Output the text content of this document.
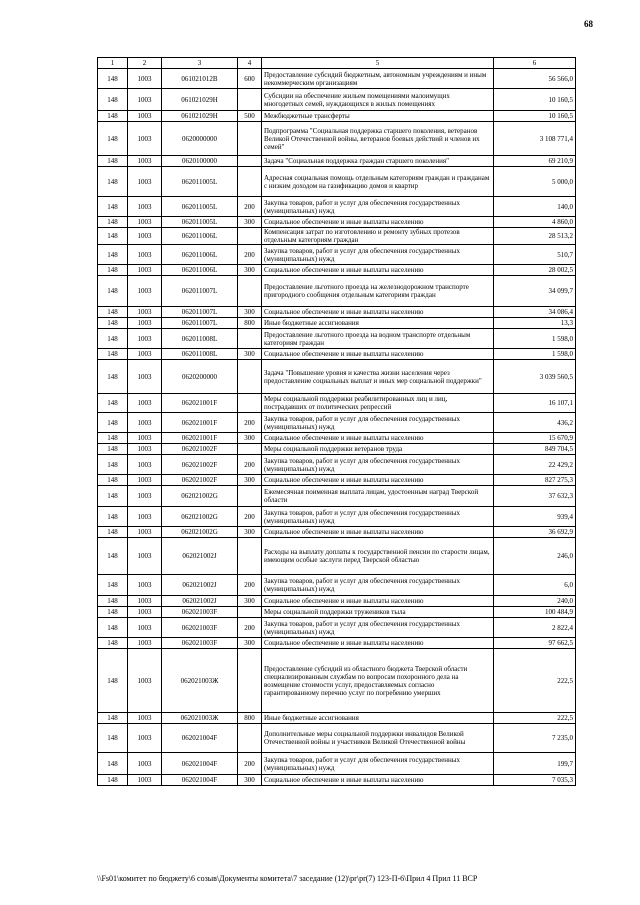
68
1	2	3	4	5	6
148	1003	061021012В	600	Предоставление субсидий бюджетным, автономным учреждениям и иным некоммерческим организациям	56 566,0
148	1003	061021029Н		Субсидии на обеспечение жильем помещениями малоимущих многодетных семей, нуждающихся в жилых помещениях	10 160,5
148	1003	061021029Н	500	Межбюджетные трансферты	10 160,5
148	1003	0620000000		Подпрограмма "Социальная поддержка старшего поколения, ветеранов Великой Отечественной войны, ветеранов боевых действий и членов их семей"	3 108 771,4
148	1003	0620100000		Задача "Социальная поддержка граждан старшего поколения"	69 210,9
148	1003	062011005L		Адресная социальная помощь отдельным категориям граждан и гражданам с низким доходом на газификацию домов и квартир	5 000,0
148	1003	062011005L	200	Закупка товаров, работ и услуг для обеспечения государственных (муниципальных) нужд	140,0
148	1003	062011005L	300	Социальное обеспечение и иные выплаты населению	4 860,0
148	1003	062011006L		Компенсация затрат по изготовлению и ремонту зубных протезов отдельным категориям граждан	28 513,2
148	1003	062011006L	200	Закупка товаров, работ и услуг для обеспечения государственных (муниципальных) нужд	510,7
148	1003	062011006L	300	Социальное обеспечение и иные выплаты населению	28 002,5
148	1003	062011007L		Предоставление льготного проезда на железнодорожном транспорте пригородного сообщения отдельным категориям граждан	34 099,7
148	1003	062011007L	300	Социальное обеспечение и иные выплаты населению	34 086,4
148	1003	062011007L	800	Иные бюджетные ассигнования	13,3
148	1003	062011008L		Предоставление льготного проезда на водном транспорте отдельным категориям граждан	1 598,0
148	1003	062011008L	300	Социальное обеспечение и иные выплаты населению	1 598,0
148	1003	0620200000		Задача "Повышение уровня и качества жизни населения через предоставление социальных выплат и иных мер социальной поддержки"	3 039 560,5
148	1003	062021001F		Меры социальной поддержки реабилитированных лиц и лиц, пострадавших от политических репрессий	16 107,1
148	1003	062021001F	200	Закупка товаров, работ и услуг для обеспечения государственных (муниципальных) нужд	436,2
148	1003	062021001F	300	Социальное обеспечение и иные выплаты населению	15 670,9
148	1003	062021002F		Меры социальной поддержки ветеранов труда	849 704,5
148	1003	062021002F	200	Закупка товаров, работ и услуг для обеспечения государственных (муниципальных) нужд	22 429,2
148	1003	062021002F	300	Социальное обеспечение и иные выплаты населению	827 275,3
148	1003	062021002G		Ежемесячная поименная выплата лицам, удостоенным наград Тверской области	37 632,3
148	1003	062021002G	200	Закупка товаров, работ и услуг для обеспечения государственных (муниципальных) нужд	939,4
148	1003	062021002G	300	Социальное обеспечение и иные выплаты населению	36 692,9
148	1003	062021002J		Расходы на выплату доплаты к государственной пенсии по старости лицам, имеющим особые заслуги перед Тверской областью	246,0
148	1003	062021002J	200	Закупка товаров, работ и услуг для обеспечения государственных (муниципальных) нужд	6,0
148	1003	062021002J	300	Социальное обеспечение и иные выплаты населению	240,0
148	1003	062021003F		Меры социальной поддержки тружеников тыла	100 484,9
148	1003	062021003F	200	Закупка товаров, работ и услуг для обеспечения государственных (муниципальных) нужд	2 822,4
148	1003	062021003F	300	Социальное обеспечение и иные выплаты населению	97 662,5
148	1003	062021003Ж		Предоставление субсидий из областного бюджета Тверской области специализированным службам по вопросам похоронного дела на возмещение стоимости услуг, предоставляемых согласно гарантированному перечню услуг по погребению умерших	222,5
148	1003	062021003Ж	800	Иные бюджетные ассигнования	222,5
148	1003	062021004F		Дополнительные меры социальной поддержки инвалидов Великой Отечественной войны и участников Великой Отечественной войны	7 235,0
148	1003	062021004F	200	Закупка товаров, работ и услуг для обеспечения государственных (муниципальных) нужд	199,7
148	1003	062021004F	300	Социальное обеспечение и иные выплаты населению	7 035,3
\\Fs01\комитет по бюджету\6 созыв\Документы комитета\7 заседание (12)\pr\pr(7) 123-П-6\Прил 4 Прил 11 ВСР
